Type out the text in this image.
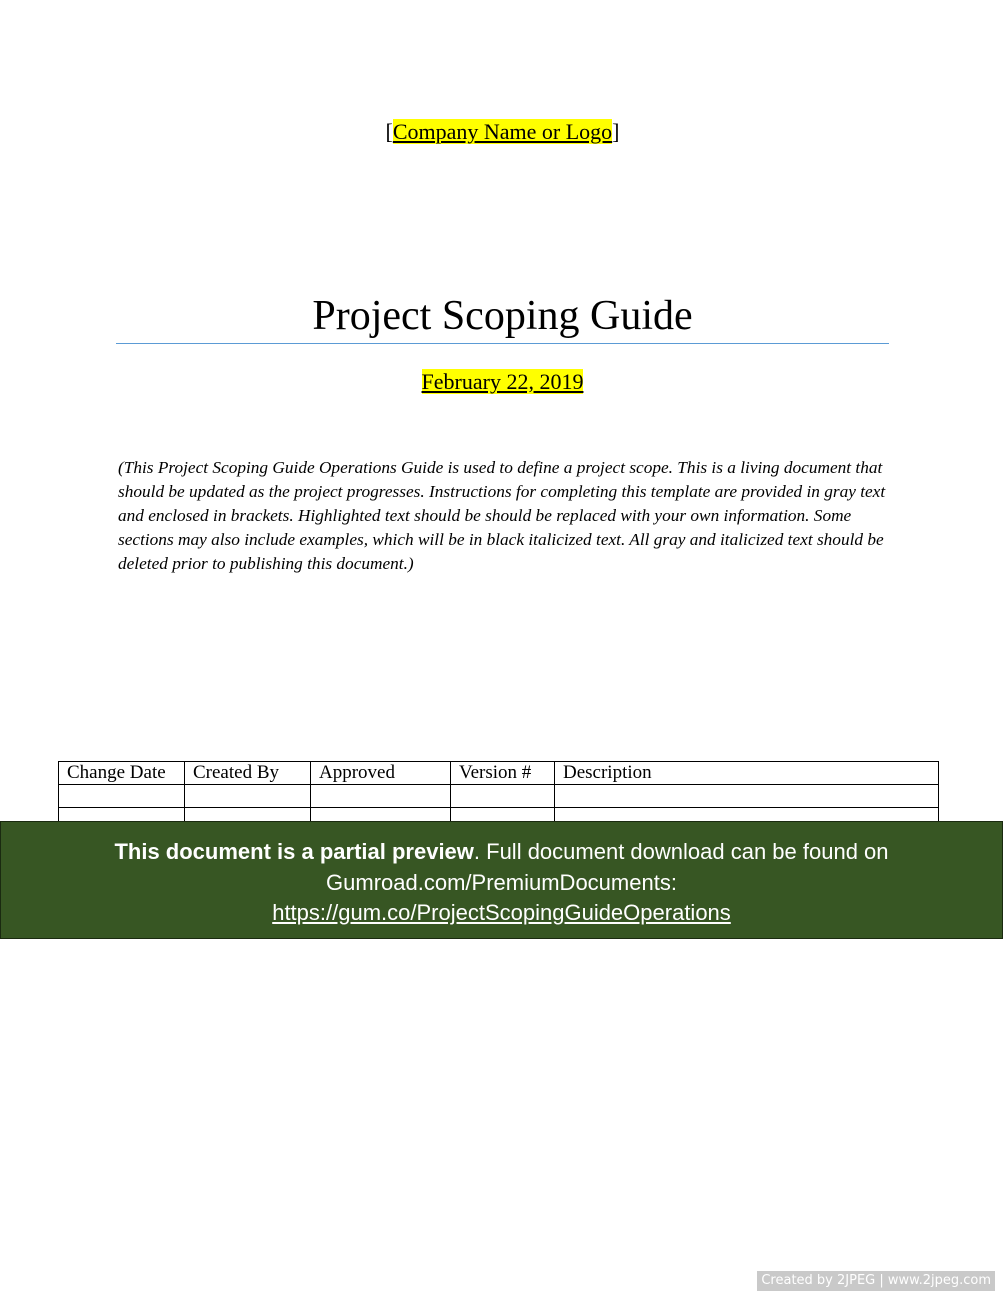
[Company Name or Logo]
Project Scoping Guide
February 22, 2019
(This Project Scoping Guide Operations Guide is used to define a project scope. This is a living document that should be updated as the project progresses. Instructions for completing this template are provided in gray text and enclosed in brackets. Highlighted text should be should be replaced with your own information. Some sections may also include examples, which will be in black italicized text. All gray and italicized text should be deleted prior to publishing this document.)
Change Date	Created By	Approved	Version #	Description

This document is a partial preview. Full document download can be found on
Gumroad.com/PremiumDocuments:
https://gum.co/ProjectScopingGuideOperations
Created by 2JPEG | www.2jpeg.com
